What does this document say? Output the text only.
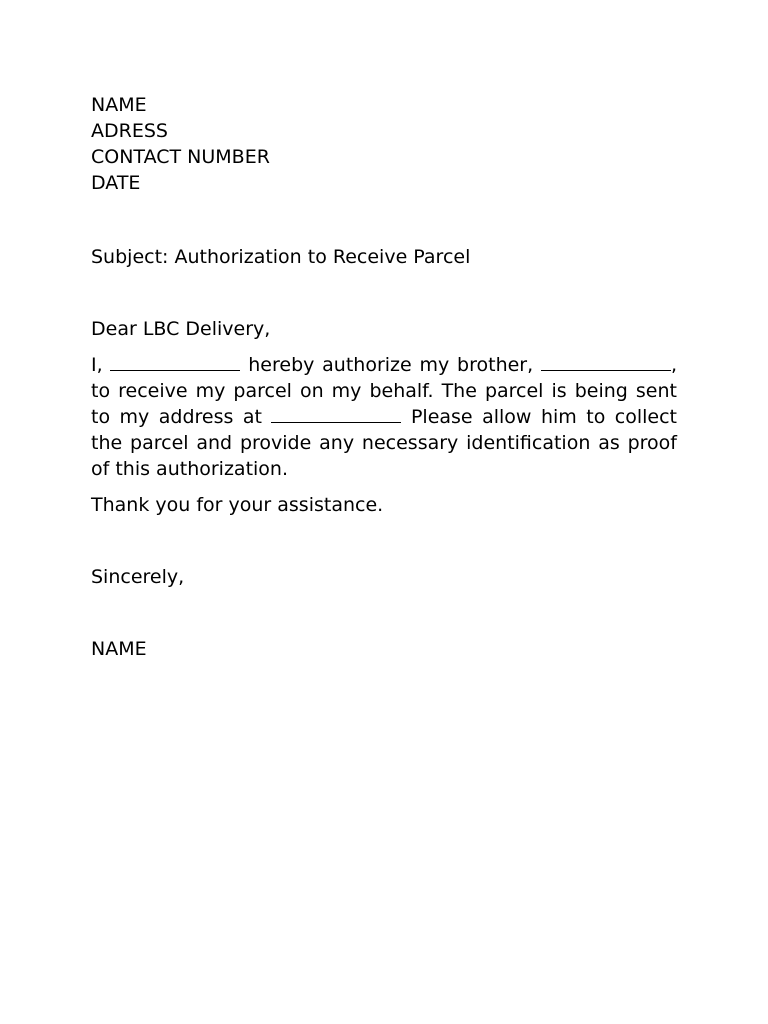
NAME
ADRESS
CONTACT NUMBER
DATE
Subject: Authorization to Receive Parcel
Dear LBC Delivery,
I,	hereby authorize my brother,	, to receive my parcel on my behalf. The parcel is being sent to my address at	Please allow him to collect the parcel and provide any necessary identification as proof of this authorization.
Thank you for your assistance.
Sincerely,
NAME
